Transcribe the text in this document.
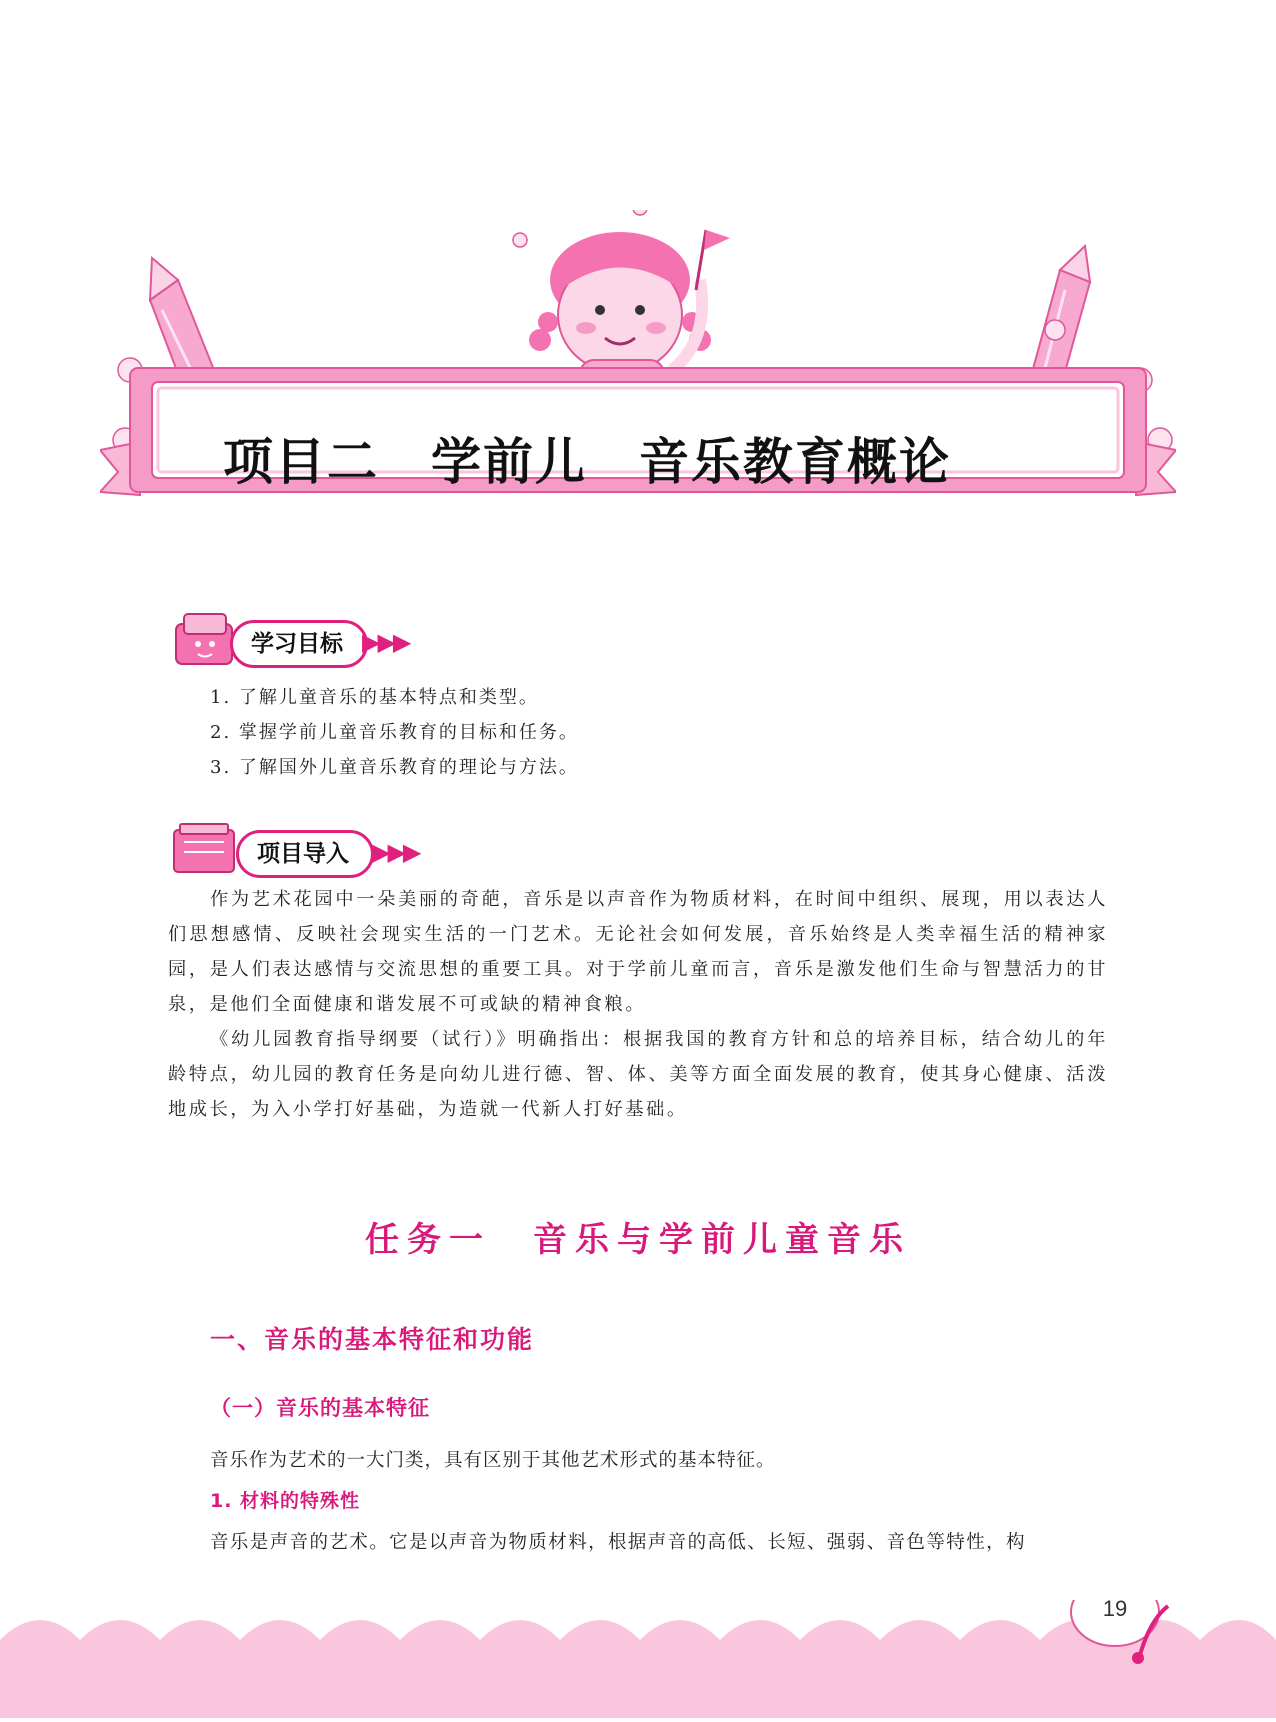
项目二　学前儿　音乐教育概论
学习目标 ▶▶▶
1. 了解儿童音乐的基本特点和类型。
2. 掌握学前儿童音乐教育的目标和任务。
3. 了解国外儿童音乐教育的理论与方法。
项目导入 ▶▶▶

作为艺术花园中一朵美丽的奇葩，音乐是以声音作为物质材料，在时间中组织、展现，用以表达人们思想感情、反映社会现实生活的一门艺术。无论社会如何发展，音乐始终是人类幸福生活的精神家园，是人们表达感情与交流思想的重要工具。对于学前儿童而言，音乐是激发他们生命与智慧活力的甘泉，是他们全面健康和谐发展不可或缺的精神食粮。

《幼儿园教育指导纲要（试行）》明确指出：根据我国的教育方针和总的培养目标，结合幼儿的年龄特点，幼儿园的教育任务是向幼儿进行德、智、体、美等方面全面发展的教育，使其身心健康、活泼地成长，为入小学打好基础，为造就一代新人打好基础。

任务一　音乐与学前儿童音乐
一、音乐的基本特征和功能
（一）音乐的基本特征
音乐作为艺术的一大门类，具有区别于其他艺术形式的基本特征。
1. 材料的特殊性
音乐是声音的艺术。它是以声音为物质材料，根据声音的高低、长短、强弱、音色等特性，构
19
